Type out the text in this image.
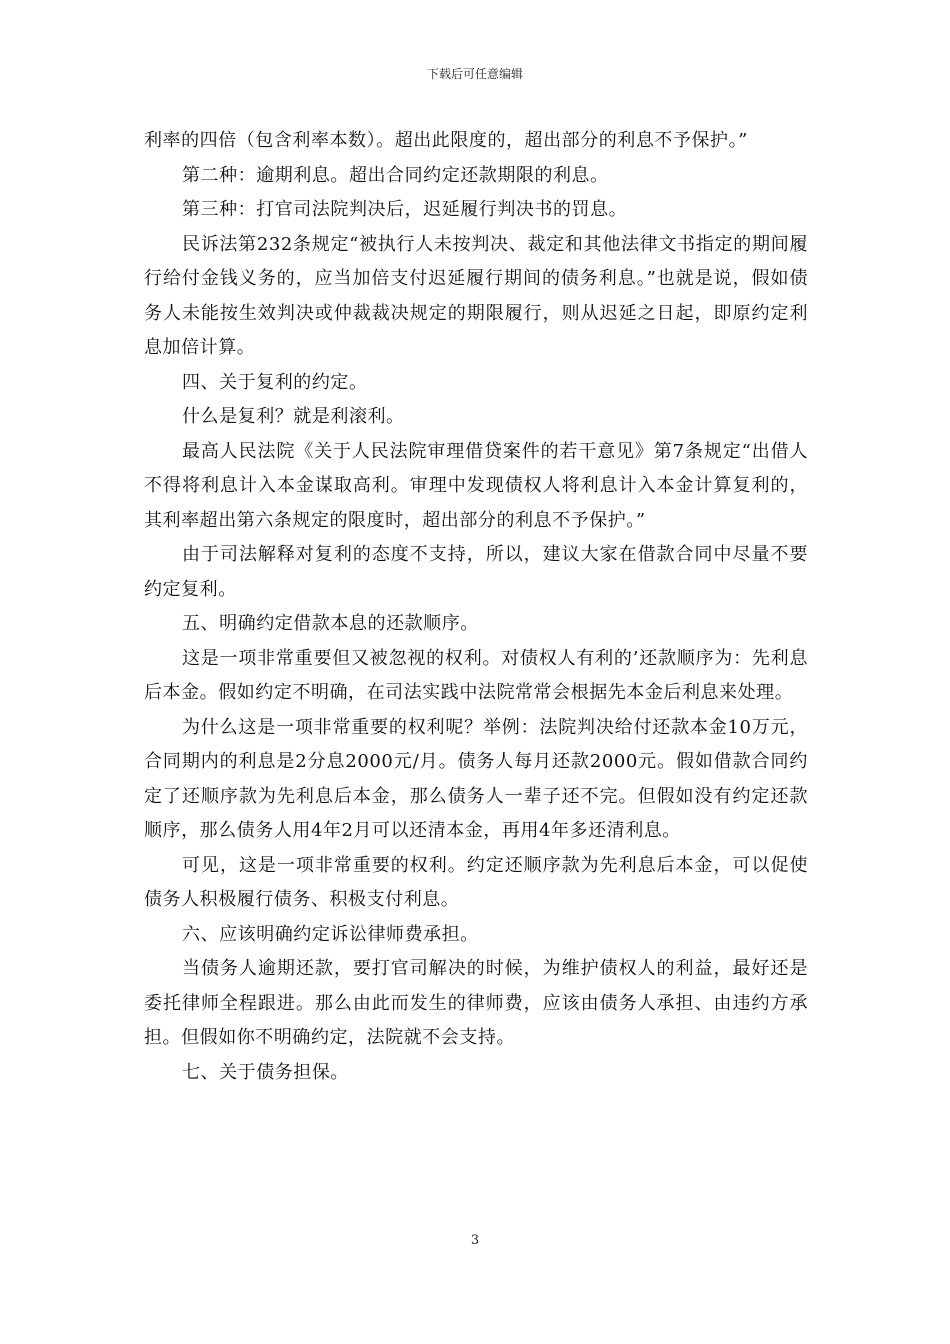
下载后可任意编辑

利率的四倍（包含利率本数）。超出此限度的，超出部分的利息不予保护。”

第二种：逾期利息。超出合同约定还款期限的利息。

第三种：打官司法院判决后，迟延履行判决书的罚息。

民诉法第232条规定“被执行人未按判决、裁定和其他法律文书指定的期间履行给付金钱义务的，应当加倍支付迟延履行期间的债务利息。”也就是说，假如债务人未能按生效判决或仲裁裁决规定的期限履行，则从迟延之日起，即原约定利息加倍计算。

四、关于复利的约定。

什么是复利？就是利滚利。

最高人民法院《关于人民法院审理借贷案件的若干意见》第7条规定“出借人不得将利息计入本金谋取高利。审理中发现债权人将利息计入本金计算复利的，其利率超出第六条规定的限度时，超出部分的利息不予保护。”

由于司法解释对复利的态度不支持，所以，建议大家在借款合同中尽量不要约定复利。

五、明确约定借款本息的还款顺序。

这是一项非常重要但又被忽视的权利。对债权人有利的’还款顺序为：先利息后本金。假如约定不明确，在司法实践中法院常常会根据先本金后利息来处理。

为什么这是一项非常重要的权利呢？举例：法院判决给付还款本金10万元，合同期内的利息是2分息2000元/月。债务人每月还款2000元。假如借款合同约定了还顺序款为先利息后本金，那么债务人一辈子还不完。但假如没有约定还款顺序，那么债务人用4年2月可以还清本金，再用4年多还清利息。

可见，这是一项非常重要的权利。约定还顺序款为先利息后本金，可以促使债务人积极履行债务、积极支付利息。

六、应该明确约定诉讼律师费承担。

当债务人逾期还款，要打官司解决的时候，为维护债权人的利益，最好还是委托律师全程跟进。那么由此而发生的律师费，应该由债务人承担、由违约方承担。但假如你不明确约定，法院就不会支持。

七、关于债务担保。

3
